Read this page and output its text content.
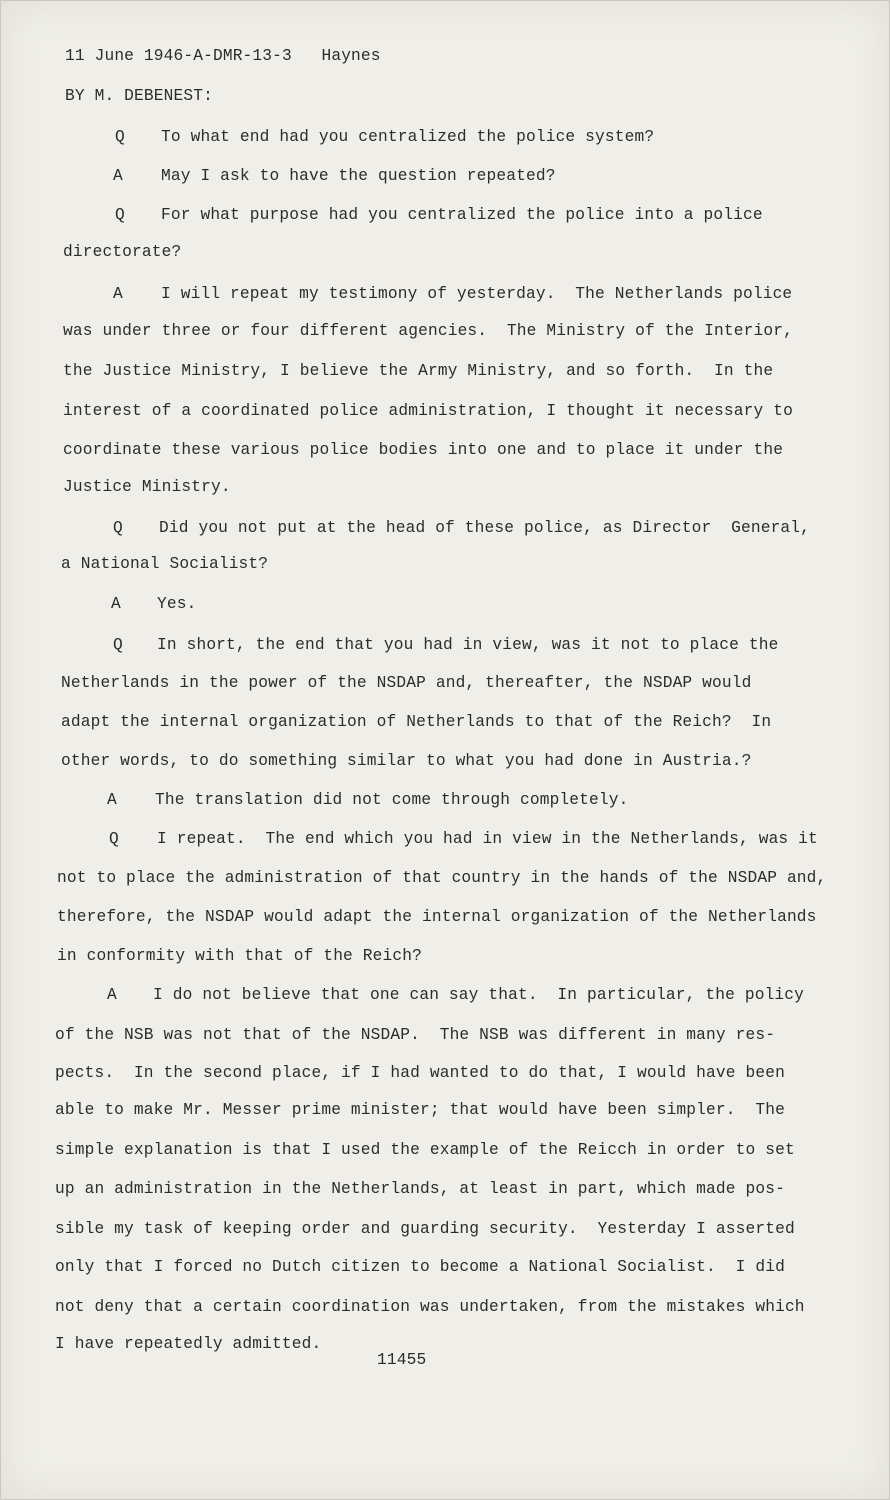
11 June 1946-A-DMR-13-3   Haynes
BY M. DEBENEST:
Q To what end had you centralized the police system?
A May I ask to have the question repeated?
Q For what purpose had you centralized the police into a police
directorate?
A I will repeat my testimony of yesterday.  The Netherlands police
was under three or four different agencies.  The Ministry of the Interior,
the Justice Ministry, I believe the Army Ministry, and so forth.  In the
interest of a coordinated police administration, I thought it necessary to
coordinate these various police bodies into one and to place it under the
Justice Ministry.
Q Did you not put at the head of these police, as Director  General,
a National Socialist?
A Yes.
Q In short, the end that you had in view, was it not to place the
Netherlands in the power of the NSDAP and, thereafter, the NSDAP would
adapt the internal organization of Netherlands to that of the Reich?  In
other words, to do something similar to what you had done in Austria.?
A The translation did not come through completely.
Q I repeat.  The end which you had in view in the Netherlands, was it
not to place the administration of that country in the hands of the NSDAP and,
therefore, the NSDAP would adapt the internal organization of the Netherlands
in conformity with that of the Reich?
A I do not believe that one can say that.  In particular, the policy
of the NSB was not that of the NSDAP.  The NSB was different in many res-
pects.  In the second place, if I had wanted to do that, I would have been
able to make Mr. Messer prime minister; that would have been simpler.  The
simple explanation is that I used the example of the Reicch in order to set
up an administration in the Netherlands, at least in part, which made pos-
sible my task of keeping order and guarding security.  Yesterday I asserted
only that I forced no Dutch citizen to become a National Socialist.  I did
not deny that a certain coordination was undertaken, from the mistakes which
I have repeatedly admitted.
11455
